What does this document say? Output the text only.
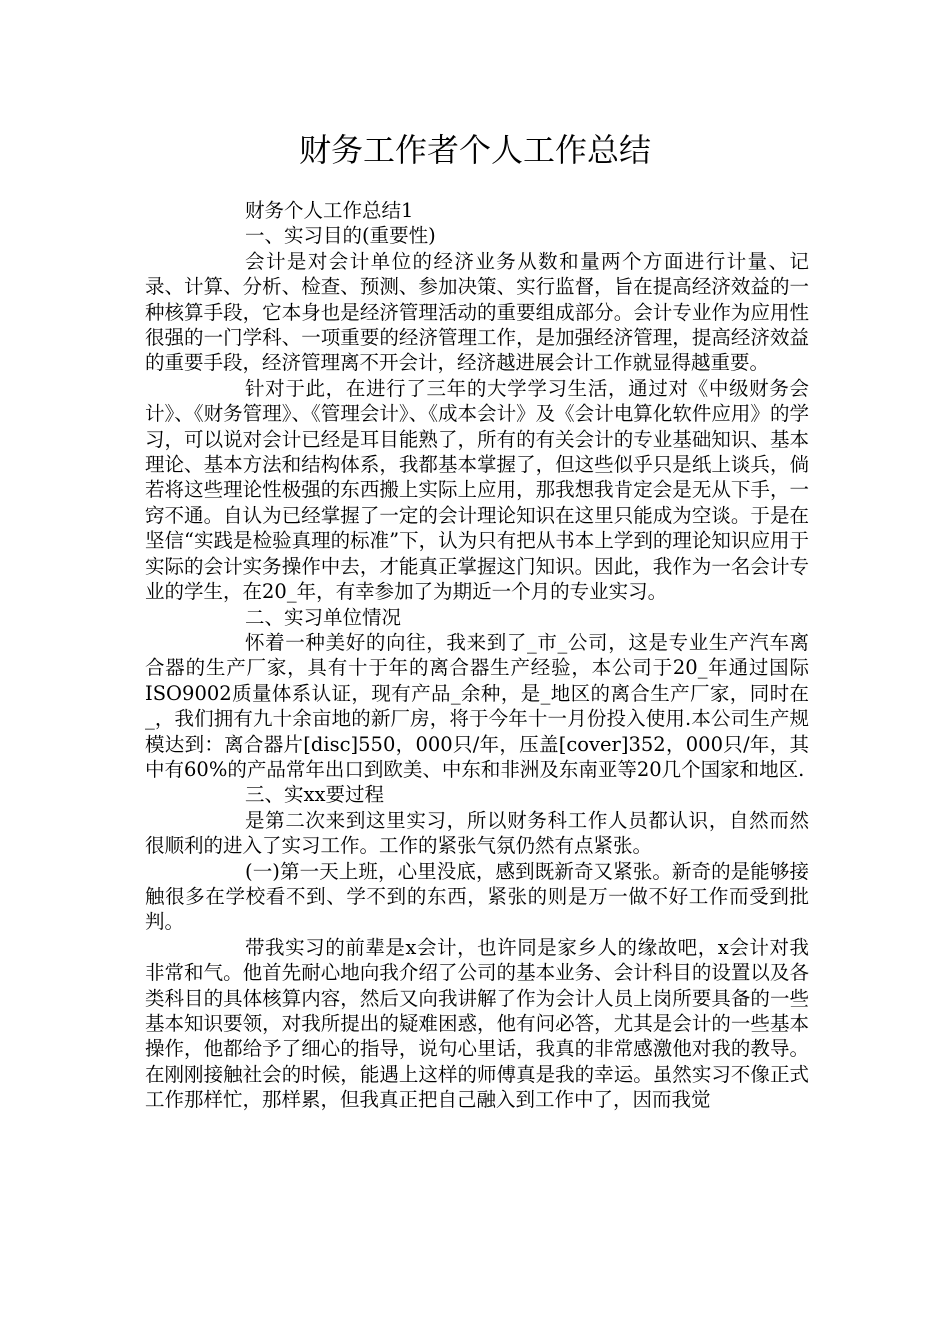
财务工作者个人工作总结

财务个人工作总结1

一、实习目的(重要性)

会计是对会计单位的经济业务从数和量两个方面进行计量、记录、计算、分析、检查、预测、参加决策、实行监督，旨在提高经济效益的一种核算手段，它本身也是经济管理活动的重要组成部分。会计专业作为应用性很强的一门学科、一项重要的经济管理工作，是加强经济管理，提高经济效益的重要手段，经济管理离不开会计，经济越进展会计工作就显得越重要。

针对于此，在进行了三年的大学学习生活，通过对《中级财务会计》、《财务管理》、《管理会计》、《成本会计》及《会计电算化软件应用》的学习，可以说对会计已经是耳目能熟了，所有的有关会计的专业基础知识、基本理论、基本方法和结构体系，我都基本掌握了，但这些似乎只是纸上谈兵，倘若将这些理论性极强的东西搬上实际上应用，那我想我肯定会是无从下手，一窍不通。自认为已经掌握了一定的会计理论知识在这里只能成为空谈。于是在坚信“实践是检验真理的标准”下，认为只有把从书本上学到的理论知识应用于实际的会计实务操作中去，才能真正掌握这门知识。因此，我作为一名会计专业的学生，在20_年，有幸参加了为期近一个月的专业实习。

二、实习单位情况

怀着一种美好的向往，我来到了_市_公司，这是专业生产汽车离合器的生产厂家，具有十于年的离合器生产经验，本公司于20_年通过国际ISO9002质量体系认证，现有产品_余种，是_地区的离合生产厂家，同时在_，我们拥有九十余亩地的新厂房，将于今年十一月份投入使用.本公司生产规模达到：离合器片[disc]550，000只/年，压盖[cover]352，000只/年，其中有60%的产品常年出口到欧美、中东和非洲及东南亚等20几个国家和地区.

三、实xx要过程

是第二次来到这里实习，所以财务科工作人员都认识，自然而然很顺利的进入了实习工作。工作的紧张气氛仍然有点紧张。

(一)第一天上班，心里没底，感到既新奇又紧张。新奇的是能够接触很多在学校看不到、学不到的东西，紧张的则是万一做不好工作而受到批判。

带我实习的前辈是x会计，也许同是家乡人的缘故吧，x会计对我非常和气。他首先耐心地向我介绍了公司的基本业务、会计科目的设置以及各类科目的具体核算内容，然后又向我讲解了作为会计人员上岗所要具备的一些基本知识要领，对我所提出的疑难困惑，他有问必答，尤其是会计的一些基本操作，他都给予了细心的指导，说句心里话，我真的非常感激他对我的教导。在刚刚接触社会的时候，能遇上这样的师傅真是我的幸运。虽然实习不像正式工作那样忙，那样累，但我真正把自己融入到工作中了，因而我觉
